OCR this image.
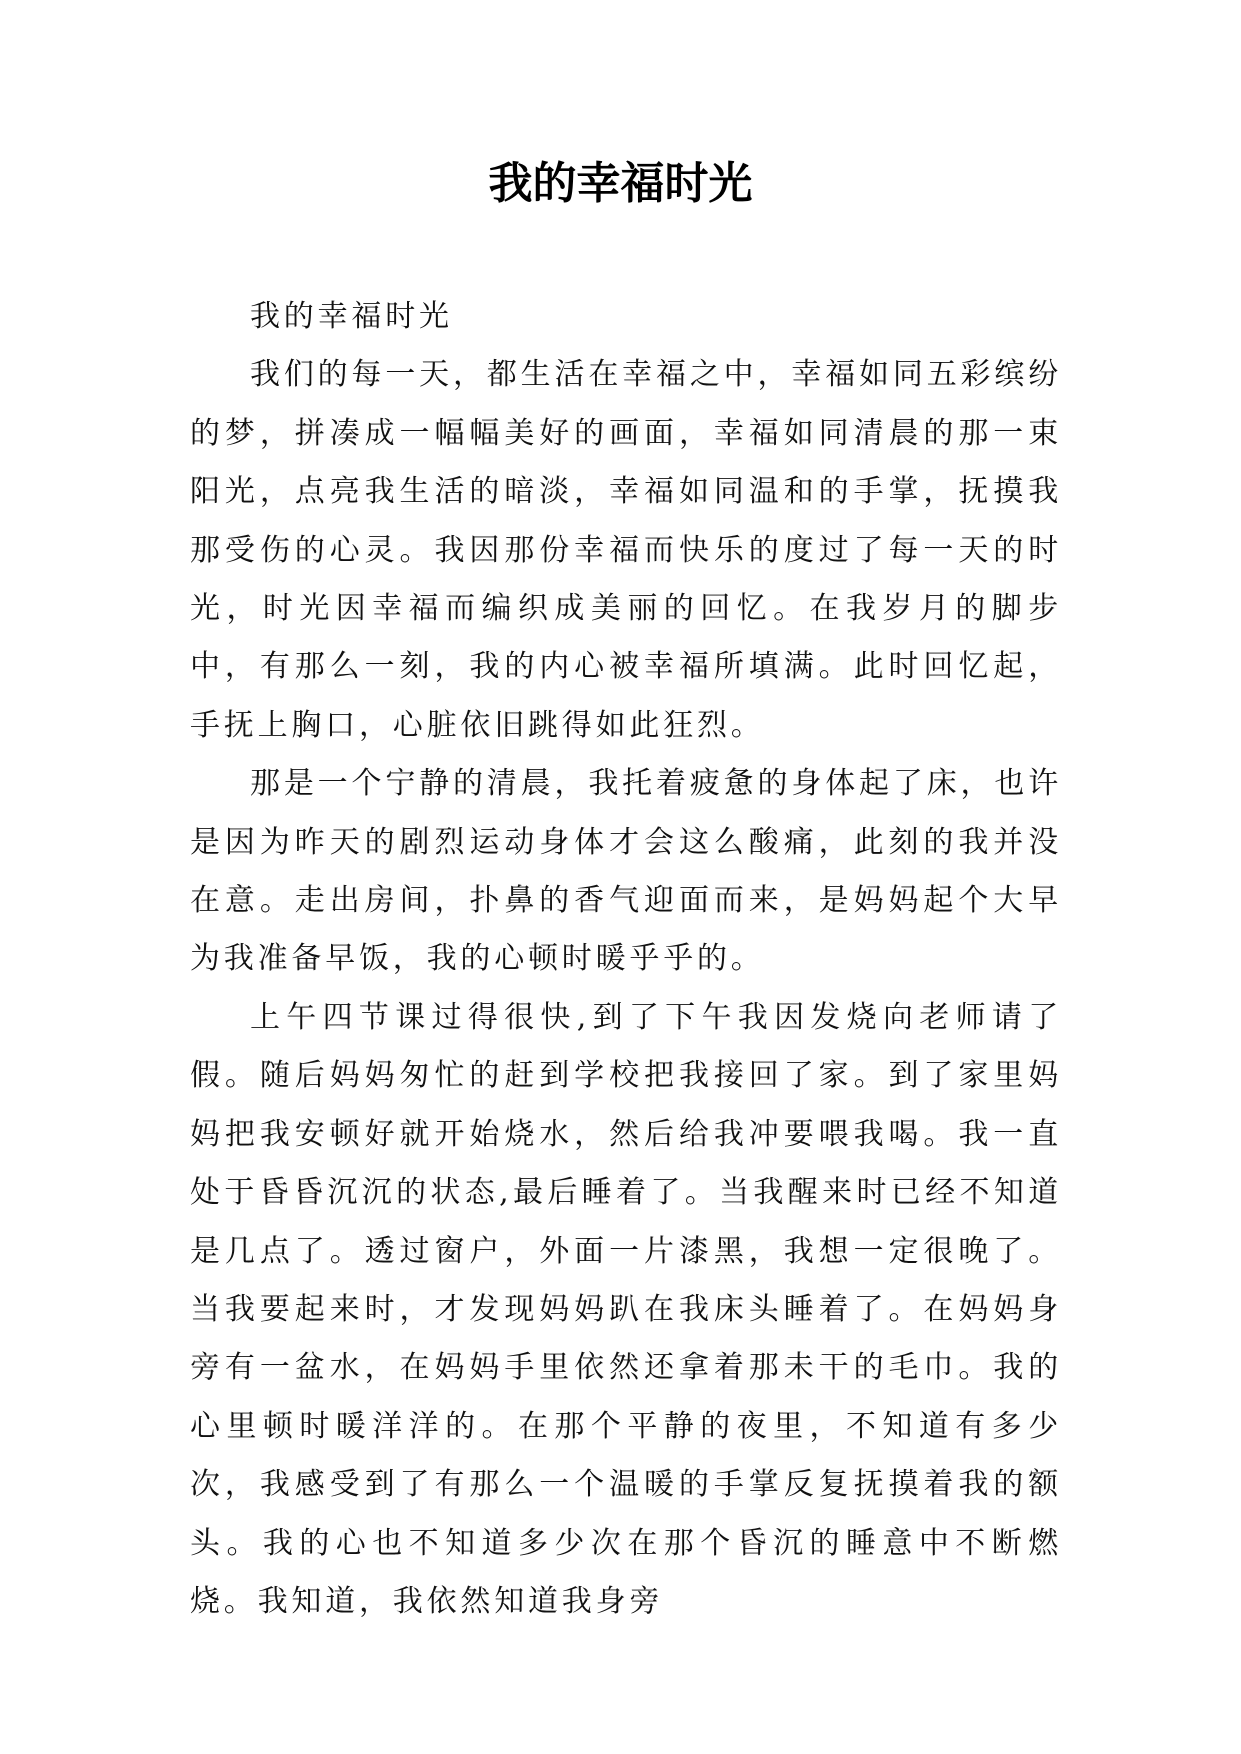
我的幸福时光

我的幸福时光

我们的每一天，都生活在幸福之中，幸福如同五彩缤纷的梦，拼凑成一幅幅美好的画面，幸福如同清晨的那一束阳光，点亮我生活的暗淡，幸福如同温和的手掌，抚摸我那受伤的心灵。我因那份幸福而快乐的度过了每一天的时光，时光因幸福而编织成美丽的回忆。在我岁月的脚步中，有那么一刻，我的内心被幸福所填满。此时回忆起，手抚上胸口，心脏依旧跳得如此狂烈。

那是一个宁静的清晨，我托着疲惫的身体起了床，也许是因为昨天的剧烈运动身体才会这么酸痛，此刻的我并没在意。走出房间，扑鼻的香气迎面而来，是妈妈起个大早为我准备早饭，我的心顿时暖乎乎的。

上午四节课过得很快,到了下午我因发烧向老师请了假。随后妈妈匆忙的赶到学校把我接回了家。到了家里妈妈把我安顿好就开始烧水，然后给我冲要喂我喝。我一直处于昏昏沉沉的状态,最后睡着了。当我醒来时已经不知道是几点了。透过窗户，外面一片漆黑，我想一定很晚了。当我要起来时，才发现妈妈趴在我床头睡着了。在妈妈身旁有一盆水，在妈妈手里依然还拿着那未干的毛巾。我的心里顿时暖洋洋的。在那个平静的夜里，不知道有多少次，我感受到了有那么一个温暖的手掌反复抚摸着我的额头。我的心也不知道多少次在那个昏沉的睡意中不断燃烧。我知道，我依然知道我身旁
